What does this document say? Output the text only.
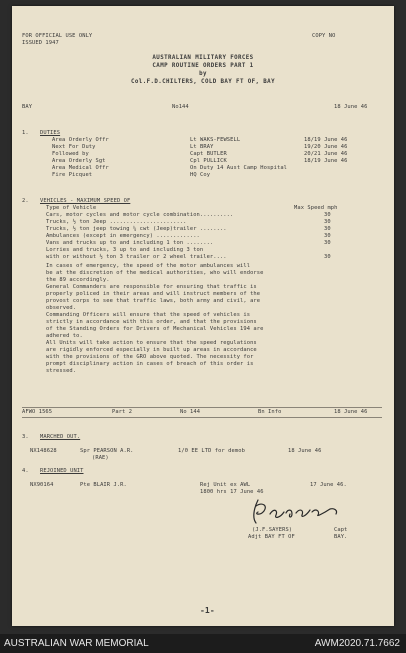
FOR OFFICIAL USE ONLY
ISSUED 1947
COPY NO
AUSTRALIAN MILITARY FORCES
CAMP ROUTINE ORDERS PART 1
by
Col.F.D.CHILTERS, COLD BAY FT OF, BAY
BAY	No144	18 June 46
1. DUTIES
2. VEHICLES - MAXIMUM SPEED OF
Type of Vehicle	Max Speed mph
AFWO 1565	Part 2	No 144	Bn Info	18 June 46
3. MARCHED OUT.
NX148628	Spr PEARSON A.R.
(RAE)
1/0 EE LTD for demob	18 June 46
4. REJOINED UNIT
NX90164	Pte BLAIR J.R.	Rej Unit ex AWL
1800 hrs 17 June 46
17 June 46.
(J.F.SAYERS)	Capt
Adjt BAY FT OF	BAY.
-1-
Area Orderly Offr	Lt WAKS-FEWSELL	18/19 June 46
Next For Duty	Lt BRAY	19/20 June 46
Followed by	Capt BUTLER	20/21 June 46
Area Orderly Sgt	Cpl PULLICK	18/19 June 46
Area Medical Offr	On Duty 14 Aust Camp Hospital
Fire Picquet	HQ Coy
Cars, motor cycles and motor cycle combination..........	30
Trucks, ½ ton Jeep .......................	30
Trucks, ½ ton jeep towing ¼ cwt (Jeep)trailer ........	30
Ambulances (except in emergency) .............	30
Vans and trucks up to and including 1 ton ........	30
Lorries and trucks, 3 up to and including 3 ton
with or without ½ ton 3 trailer or 2 wheel trailer....	30
In cases of emergency, the speed of the motor ambulances will
be at the discretion of the medical authorities, who will endorse
the 89 accordingly.
General Commanders are responsible for ensuring that traffic is
properly policed in their areas and will instruct members of the
provost corps to see that traffic laws, both army and civil, are
observed.
Commanding Officers will ensure that the speed of vehicles is
strictly in accordance with this order, and that the provisions
of the Standing Orders for Drivers of Mechanical Vehicles 194 are
adhered to.
All Units will take action to ensure that the speed regulations
are rigidly enforced especially in built up areas in accordance
with the provisions of the GRO above quoted. The necessity for
prompt disciplinary action in cases of breach of this order is
stressed.
AUSTRALIAN WAR MEMORIAL	AWM2020.71.7662
